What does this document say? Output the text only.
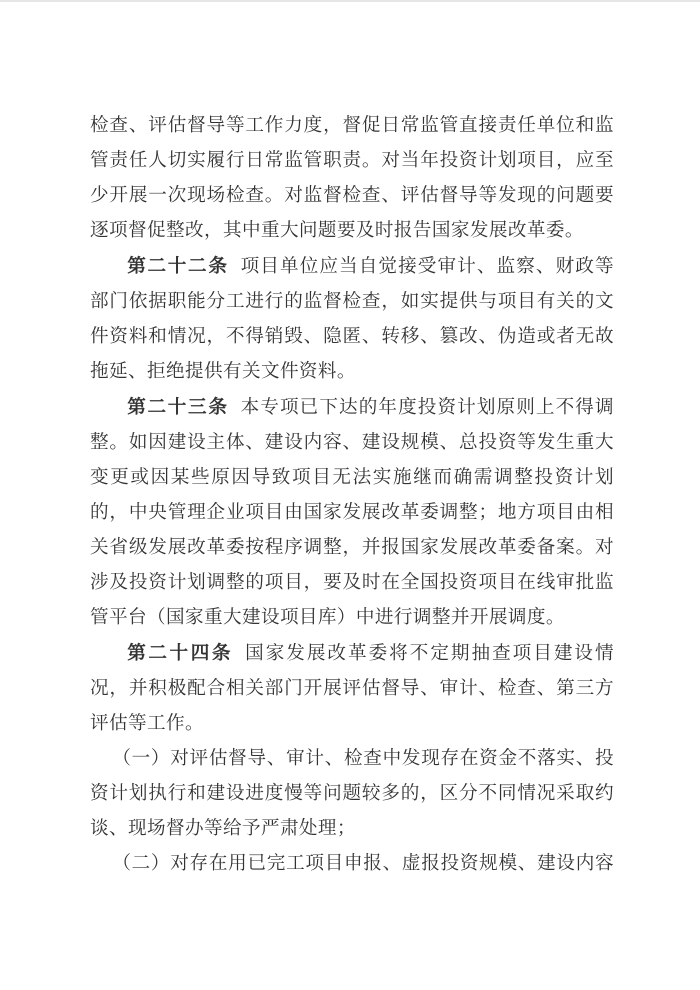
检查、评估督导等工作力度，督促日常监管直接责任单位和监管责任人切实履行日常监管职责。对当年投资计划项目，应至少开展一次现场检查。对监督检查、评估督导等发现的问题要逐项督促整改，其中重大问题要及时报告国家发展改革委。

第二十二条 项目单位应当自觉接受审计、监察、财政等部门依据职能分工进行的监督检查，如实提供与项目有关的文件资料和情况，不得销毁、隐匿、转移、篡改、伪造或者无故拖延、拒绝提供有关文件资料。

第二十三条 本专项已下达的年度投资计划原则上不得调整。如因建设主体、建设内容、建设规模、总投资等发生重大变更或因某些原因导致项目无法实施继而确需调整投资计划的，中央管理企业项目由国家发展改革委调整；地方项目由相关省级发展改革委按程序调整，并报国家发展改革委备案。对涉及投资计划调整的项目，要及时在全国投资项目在线审批监管平台（国家重大建设项目库）中进行调整并开展调度。

第二十四条 国家发展改革委将不定期抽查项目建设情况，并积极配合相关部门开展评估督导、审计、检查、第三方评估等工作。

（一）对评估督导、审计、检查中发现存在资金不落实、投资计划执行和建设进度慢等问题较多的，区分不同情况采取约谈、现场督办等给予严肃处理；

（二）对存在用已完工项目申报、虚报投资规模、建设内容
